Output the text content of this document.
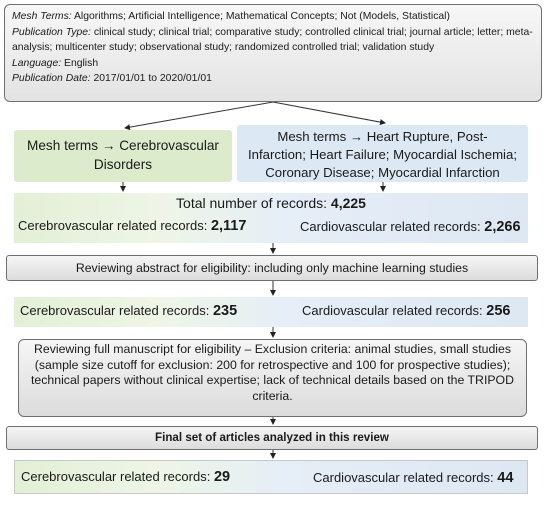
Mesh Terms: Algorithms; Artificial Intelligence; Mathematical Concepts; Not (Models, Statistical)
Publication Type: clinical study; clinical trial; comparative study; controlled clinical trial; journal article; letter; meta-analysis; multicenter study; observational study; randomized controlled trial; validation study
Language: English
Publication Date: 2017/01/01 to 2020/01/01
Mesh terms → Cerebrovascular
Disorders
Mesh terms → Heart Rupture, Post-
Infarction; Heart Failure; Myocardial Ischemia;
Coronary Disease; Myocardial Infarction
Total number of records: 4,225
Cerebrovascular related records: 2,117	Cardiovascular related records: 2,266
Reviewing abstract for eligibility: including only machine learning studies
Cerebrovascular related records: 235	Cardiovascular related records: 256
Reviewing full manuscript for eligibility – Exclusion criteria: animal studies, small studies (sample size cutoff for exclusion: 200 for retrospective and 100 for prospective studies); technical papers without clinical expertise; lack of technical details based on the TRIPOD criteria.
Final set of articles analyzed in this review
Cerebrovascular related records: 29	Cardiovascular related records: 44
